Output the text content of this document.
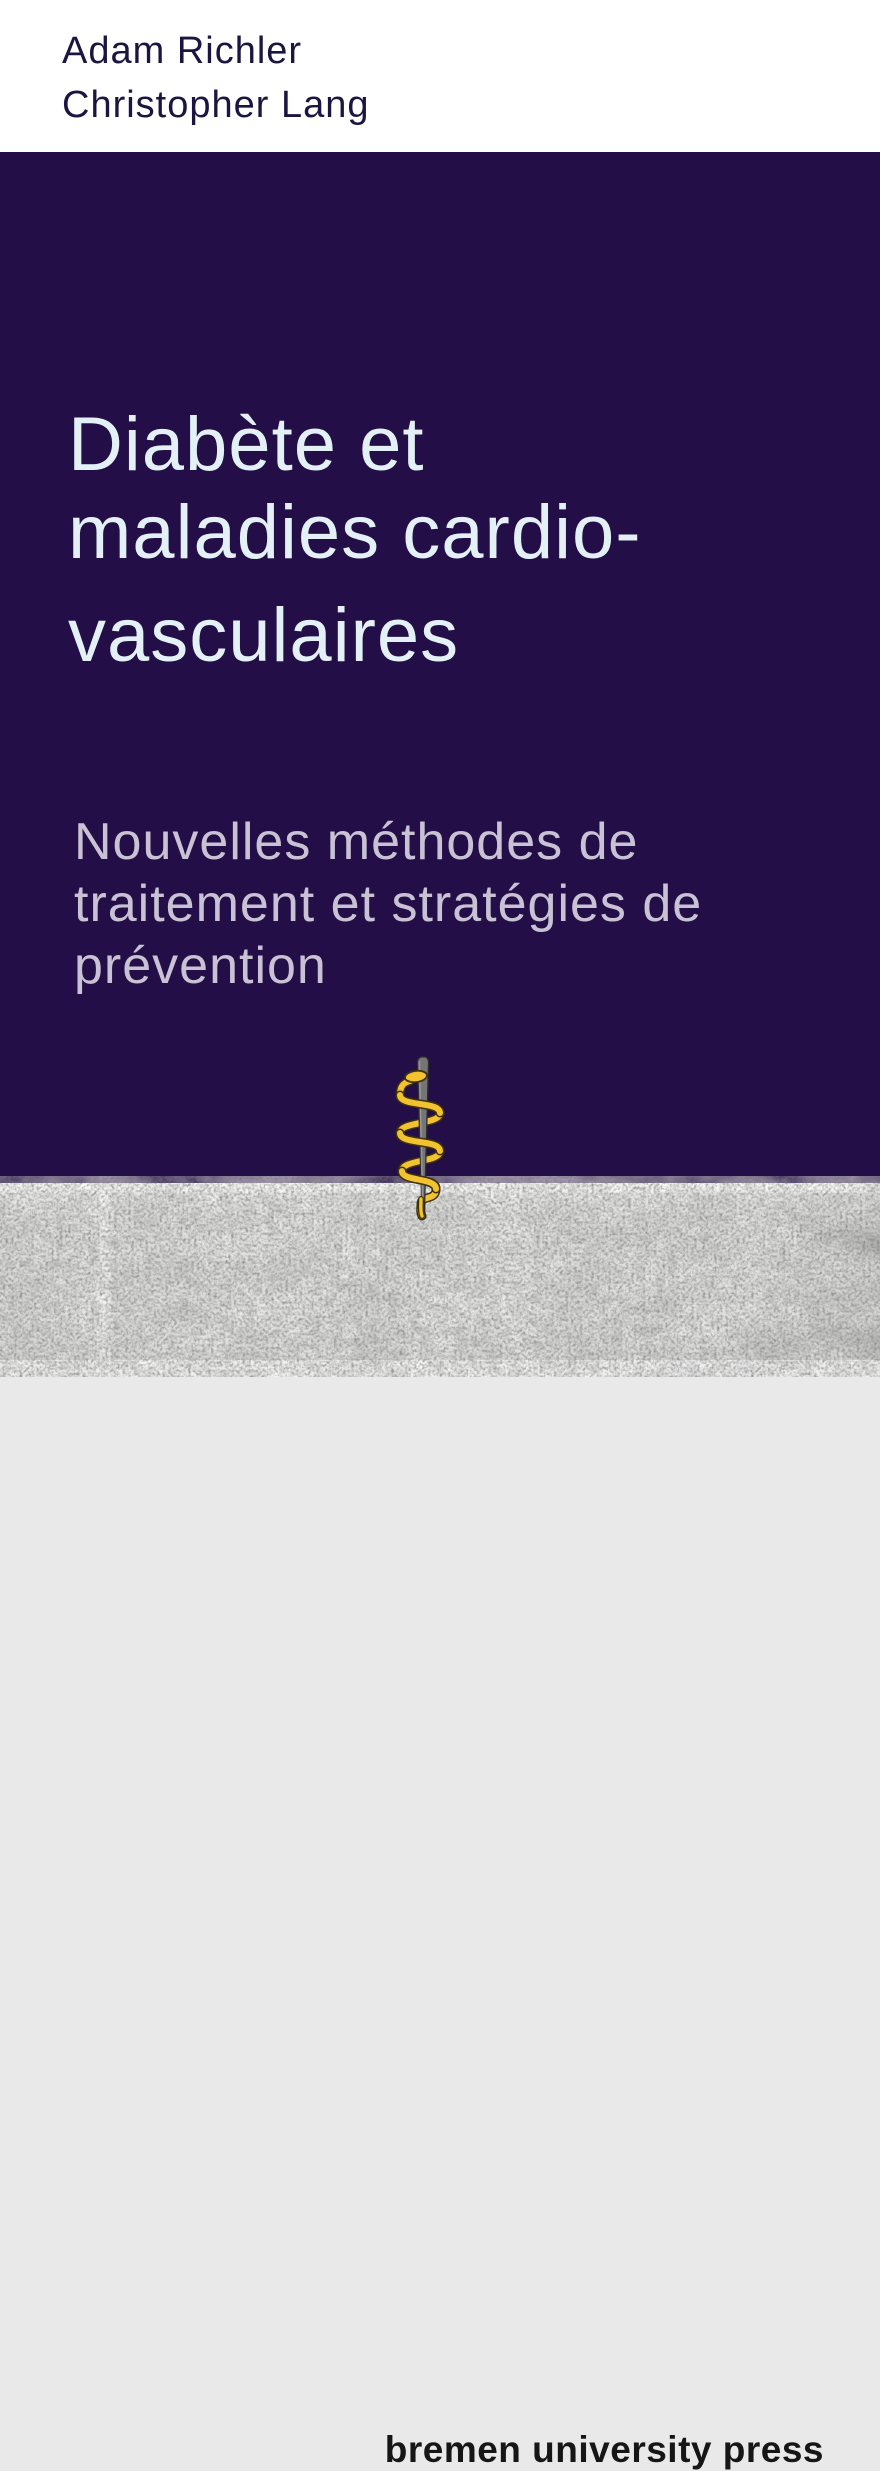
Adam Richler
Christopher Lang
Diabète et
maladies cardio-
vasculaires
Nouvelles méthodes de
traitement et stratégies de
prévention
bremen university press
